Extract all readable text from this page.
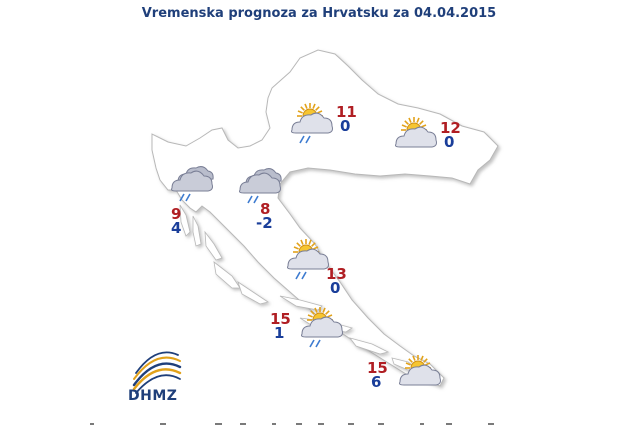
Vremenska prognoza za Hrvatsku za 04.04.2015
11
0	12
0
9
4
8
-2
13
0
15
1
15
6
DHMZ
